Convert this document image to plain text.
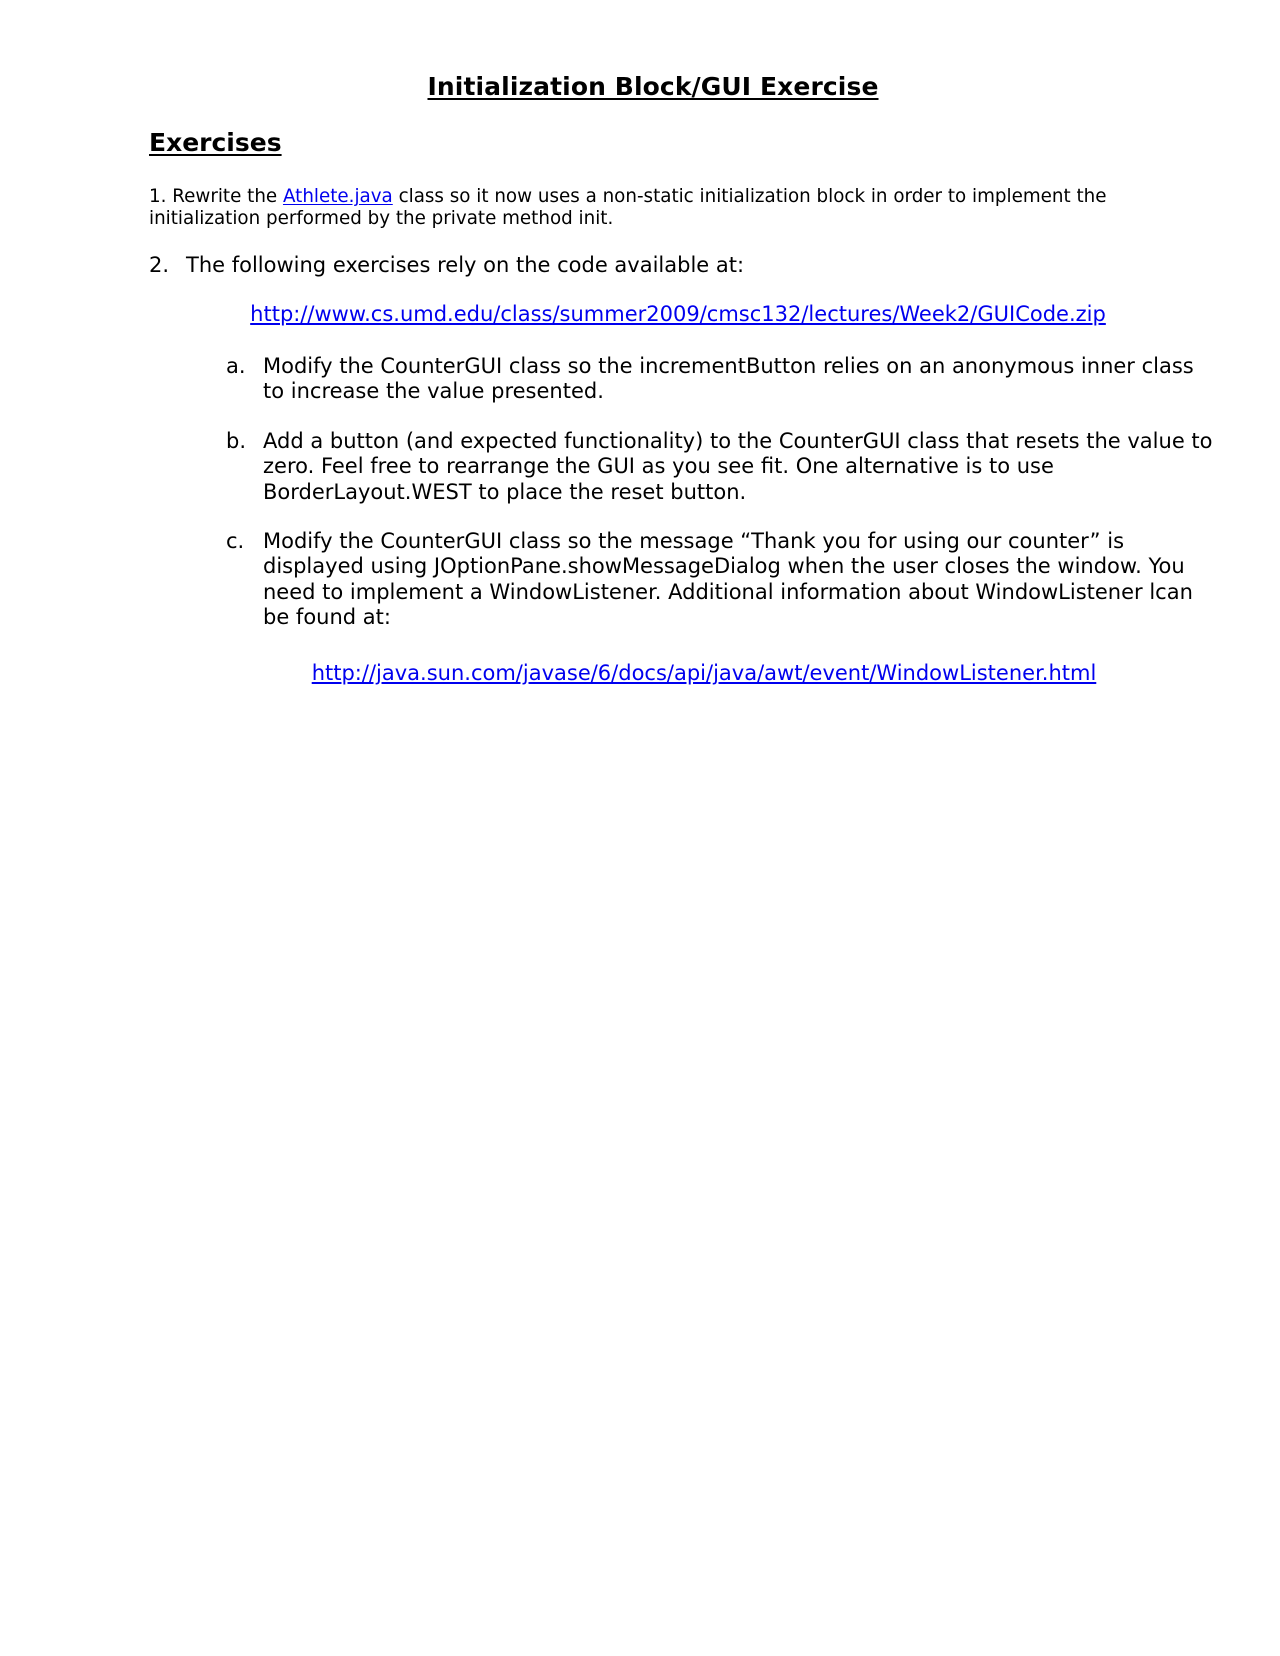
Initialization Block/GUI Exercise
Exercises
1. Rewrite the Athlete.java class so it now uses a non-static initialization block in order to implement the initialization performed by the private method init.
2. The following exercises rely on the code available at:
http://www.cs.umd.edu/class/summer2009/cmsc132/lectures/Week2/GUICode.zip
a. Modify the CounterGUI class so the incrementButton relies on an anonymous inner class to increase the value presented.
b. Add a button (and expected functionality) to the CounterGUI class that resets the value to zero. Feel free to rearrange the GUI as you see fit. One alternative is to use BorderLayout.WEST to place the reset button.
c. Modify the CounterGUI class so the message “Thank you for using our counter” is displayed using JOptionPane.showMessageDialog when the user closes the window. You need to implement a WindowListener. Additional information about WindowListener lcan be found at:
http://java.sun.com/javase/6/docs/api/java/awt/event/WindowListener.html
